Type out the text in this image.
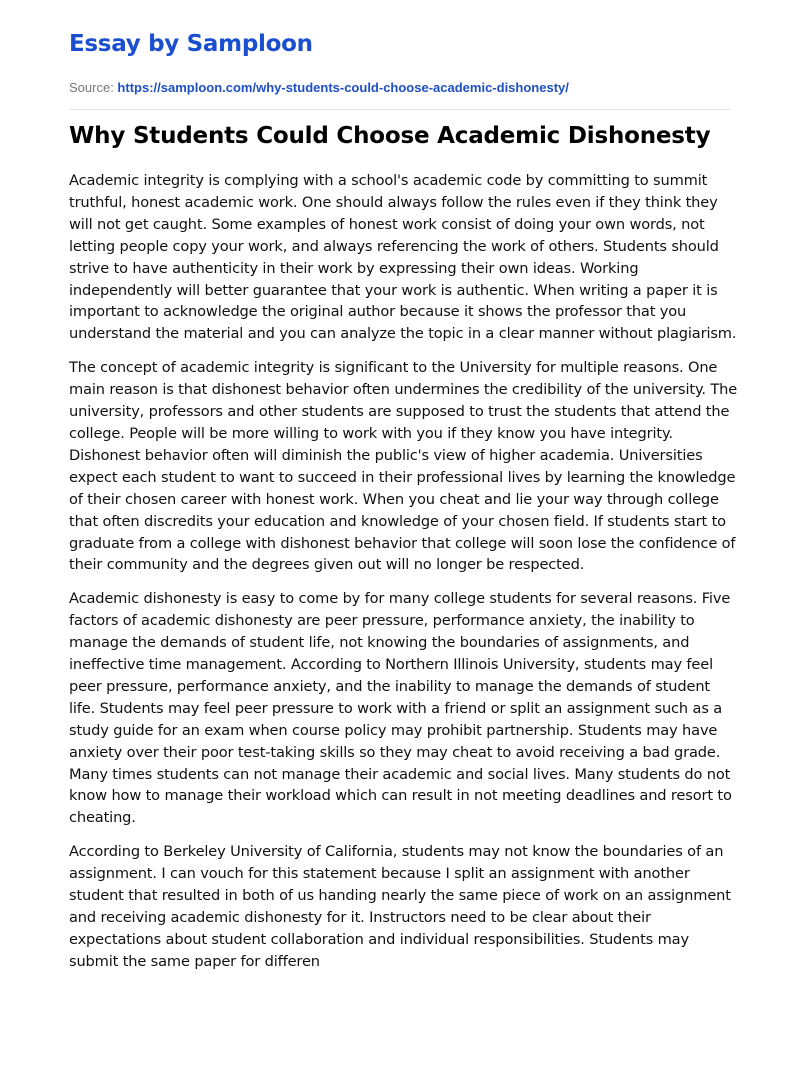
Essay by Samploon
Source: https://samploon.com/why-students-could-choose-academic-dishonesty/
Why Students Could Choose Academic Dishonesty

Academic integrity is complying with a school's academic code by committing to summit truthful, honest academic work. One should always follow the rules even if they think they will not get caught. Some examples of honest work consist of doing your own words, not letting people copy your work, and always referencing the work of others. Students should strive to have authenticity in their work by expressing their own ideas. Working independently will better guarantee that your work is authentic. When writing a paper it is important to acknowledge the original author because it shows the professor that you understand the material and you can analyze the topic in a clear manner without plagiarism.

The concept of academic integrity is significant to the University for multiple reasons. One main reason is that dishonest behavior often undermines the credibility of the university. The university, professors and other students are supposed to trust the students that attend the college. People will be more willing to work with you if they know you have integrity. Dishonest behavior often will diminish the public's view of higher academia. Universities expect each student to want to succeed in their professional lives by learning the knowledge of their chosen career with honest work. When you cheat and lie your way through college that often discredits your education and knowledge of your chosen field. If students start to graduate from a college with dishonest behavior that college will soon lose the confidence of their community and the degrees given out will no longer be respected.

Academic dishonesty is easy to come by for many college students for several reasons. Five factors of academic dishonesty are peer pressure, performance anxiety, the inability to manage the demands of student life, not knowing the boundaries of assignments, and ineffective time management. According to Northern Illinois University, students may feel peer pressure, performance anxiety, and the inability to manage the demands of student life. Students may feel peer pressure to work with a friend or split an assignment such as a study guide for an exam when course policy may prohibit partnership. Students may have anxiety over their poor test-taking skills so they may cheat to avoid receiving a bad grade. Many times students can not manage their academic and social lives. Many students do not know how to manage their workload which can result in not meeting deadlines and resort to cheating.

According to Berkeley University of California, students may not know the boundaries of an assignment. I can vouch for this statement because I split an assignment with another student that resulted in both of us handing nearly the same piece of work on an assignment and receiving academic dishonesty for it. Instructors need to be clear about their expectations about student collaboration and individual responsibilities. Students may submit the same paper for differen
